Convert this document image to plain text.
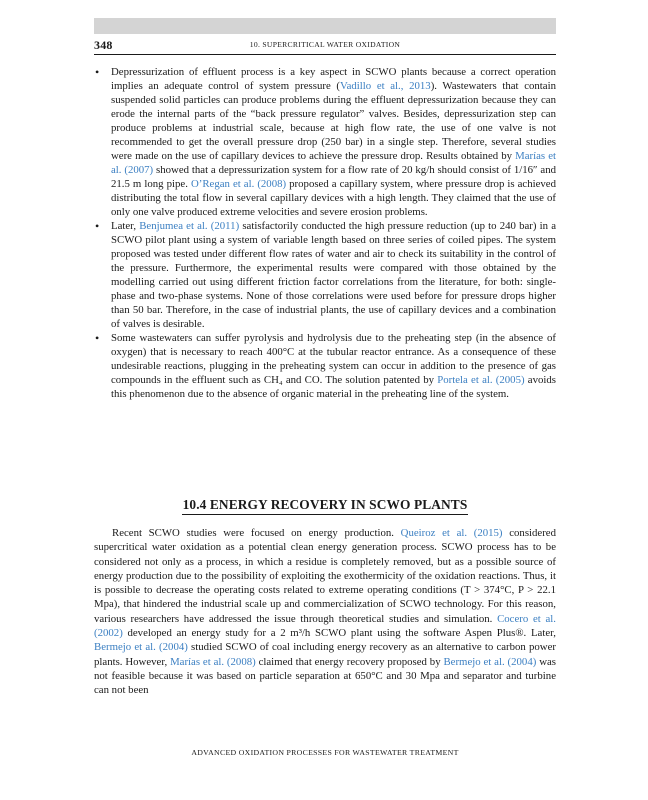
348	10. SUPERCRITICAL WATER OXIDATION
• Depressurization of effluent process is a key aspect in SCWO plants because a correct operation implies an adequate control of system pressure (Vadillo et al., 2013). Wastewaters that contain suspended solid particles can produce problems during the effluent depressurization because they can erode the internal parts of the “back pressure regulator” valves. Besides, depressurization step can produce problems at industrial scale, because at high flow rate, the use of one valve is not recommended to get the overall pressure drop (250 bar) in a single step. Therefore, several studies were made on the use of capillary devices to achieve the pressure drop. Results obtained by Marías et al. (2007) showed that a depressurization system for a flow rate of 20 kg/h should consist of 1/16″ and 21.5 m long pipe. O’Regan et al. (2008) proposed a capillary system, where pressure drop is achieved distributing the total flow in several capillary devices with a high length. They claimed that the use of only one valve produced extreme velocities and severe erosion problems.
• Later, Benjumea et al. (2011) satisfactorily conducted the high pressure reduction (up to 240 bar) in a SCWO pilot plant using a system of variable length based on three series of coiled pipes. The system proposed was tested under different flow rates of water and air to check its suitability in the control of the pressure. Furthermore, the experimental results were compared with those obtained by the modelling carried out using different friction factor correlations from the literature, for both: single-phase and two-phase systems. None of those correlations were used before for pressure drops higher than 50 bar. Therefore, in the case of industrial plants, the use of capillary devices and a combination of valves is desirable.
• Some wastewaters can suffer pyrolysis and hydrolysis due to the preheating step (in the absence of oxygen) that is necessary to reach 400°C at the tubular reactor entrance. As a consequence of these undesirable reactions, plugging in the preheating system can occur in addition to the presence of gas compounds in the effluent such as CH₄ and CO. The solution patented by Portela et al. (2005) avoids this phenomenon due to the absence of organic material in the preheating line of the system.
10.4 ENERGY RECOVERY IN SCWO PLANTS

Recent SCWO studies were focused on energy production. Queiroz et al. (2015) considered supercritical water oxidation as a potential clean energy generation process. SCWO process has to be considered not only as a process, in which a residue is completely removed, but as a possible source of energy production due to the possibility of exploiting the exothermicity of the oxidation reactions. Thus, it is possible to decrease the operating costs related to extreme operating conditions (T > 374°C, P > 22.1 Mpa), that hindered the industrial scale up and commercialization of SCWO technology. For this reason, various researchers have addressed the issue through theoretical studies and simulation. Cocero et al. (2002) developed an energy study for a 2 m³/h SCWO plant using the software Aspen Plus®. Later, Bermejo et al. (2004) studied SCWO of coal including energy recovery as an alternative to carbon power plants. However, Marías et al. (2008) claimed that energy recovery proposed by Bermejo et al. (2004) was not feasible because it was based on particle separation at 650°C and 30 Mpa and separator and turbine can not been

ADVANCED OXIDATION PROCESSES FOR WASTEWATER TREATMENT
